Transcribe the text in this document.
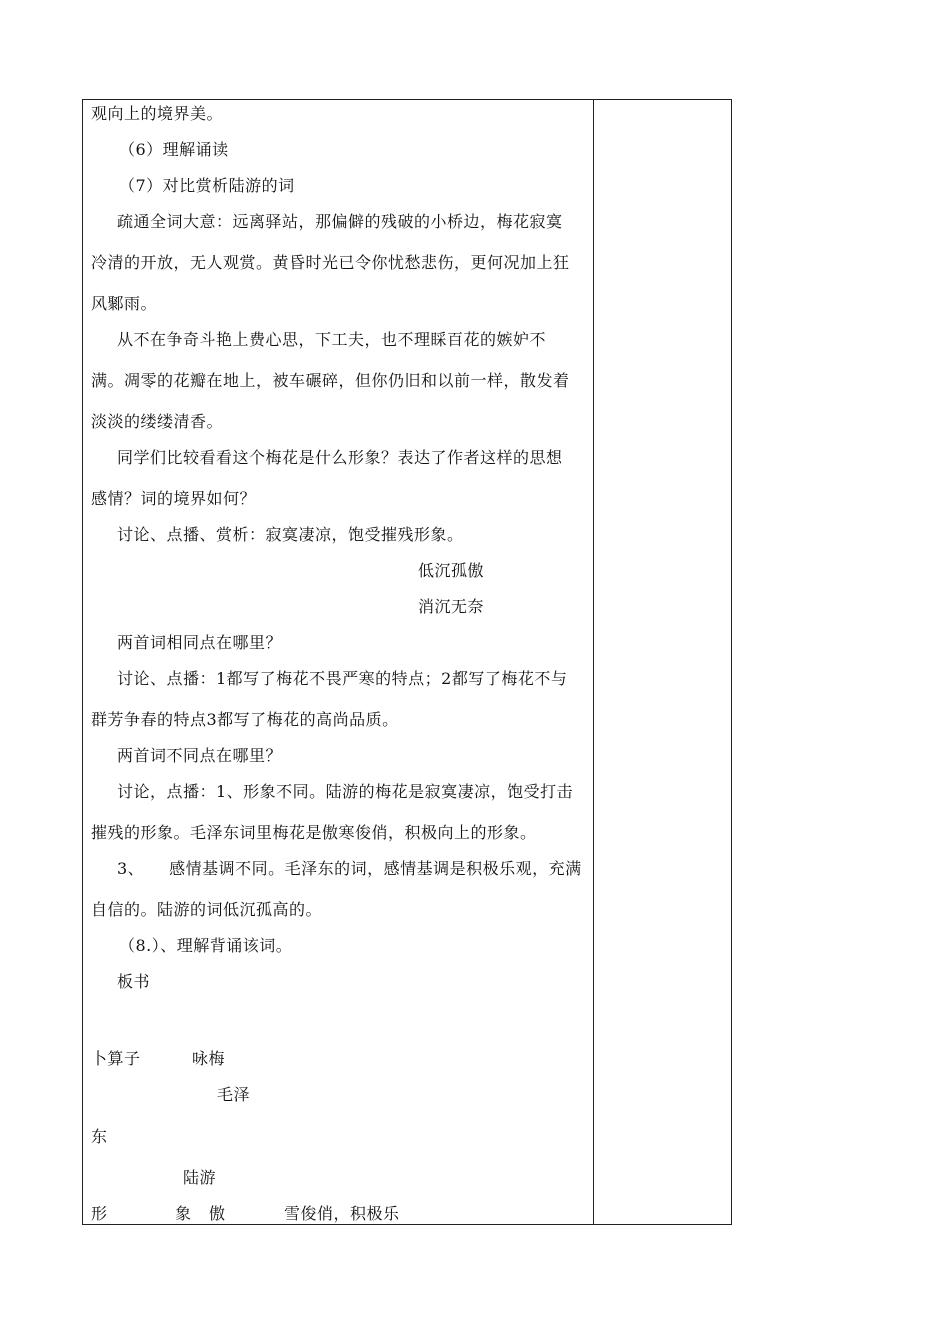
观向上的境界美。
（6）理解诵读
（7）对比赏析陆游的词
疏通全词大意：远离驿站，那偏僻的残破的小桥边，梅花寂寞
冷清的开放，无人观赏。黄昏时光已令你忧愁悲伤，更何况加上狂
风鄹雨。
从不在争奇斗艳上费心思，下工夫，也不理睬百花的嫉妒不
满。凋零的花瓣在地上，被车碾碎，但你仍旧和以前一样，散发着
淡淡的缕缕清香。
同学们比较看看这个梅花是什么形象？表达了作者这样的思想
感情？词的境界如何？
讨论、点播、赏析：寂寞凄凉，饱受摧残形象。
低沉孤傲
消沉无奈
两首词相同点在哪里？
讨论、点播：1都写了梅花不畏严寒的特点；2都写了梅花不与
群芳争春的特点3都写了梅花的高尚品质。
两首词不同点在哪里？
讨论，点播：1、形象不同。陆游的梅花是寂寞凄凉，饱受打击
摧残的形象。毛泽东词里梅花是傲寒俊俏，积极向上的形象。
3、　　感情基调不同。毛泽东的词，感情基调是积极乐观，充满
自信的。陆游的词低沉孤高的。
（8.）、理解背诵该词。
板书
卜算子	咏梅
毛泽
东
陆游
形	象 傲	雪俊俏，积极乐
